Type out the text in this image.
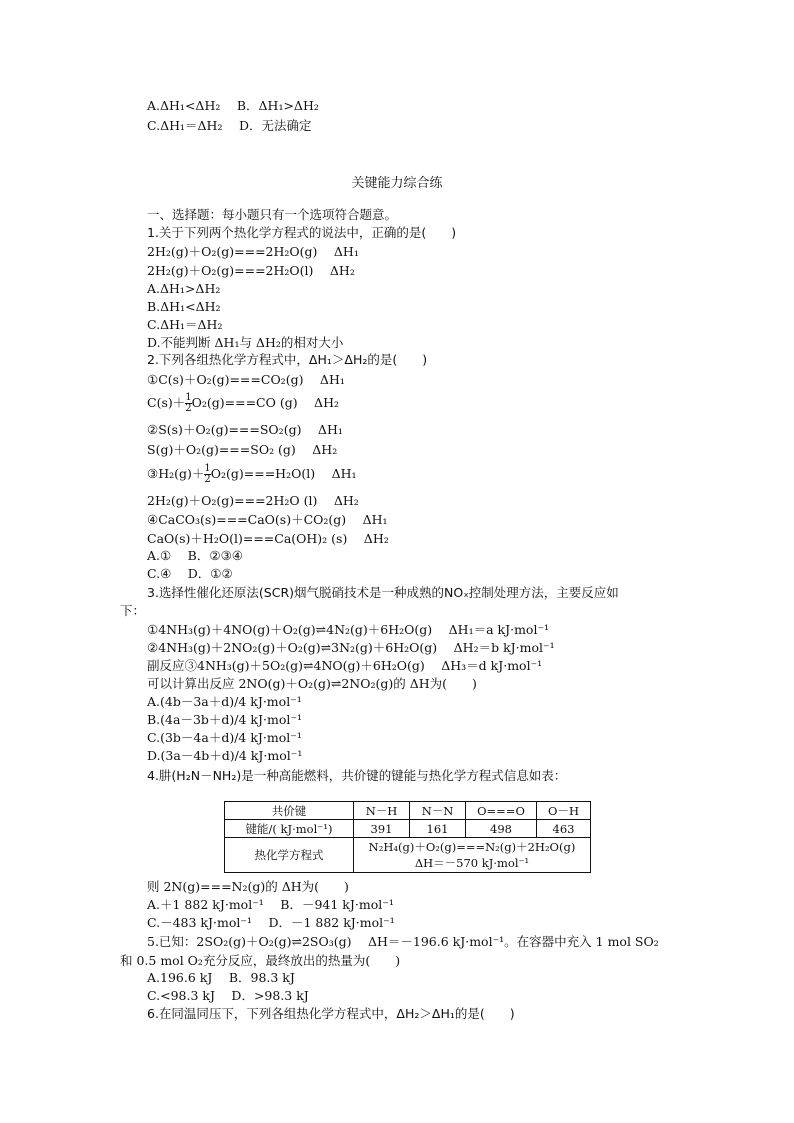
A.ΔH₁<ΔH₂　 B．ΔH₁>ΔH₂
C.ΔH₁＝ΔH₂　 D．无法确定
关键能力综合练
一、选择题：每小题只有一个选项符合题意。
1.关于下列两个热化学方程式的说法中，正确的是(　　)
2H₂(g)＋O₂(g)===2H₂O(g)　 ΔH₁
2H₂(g)＋O₂(g)===2H₂O(l)　 ΔH₂
A.ΔH₁>ΔH₂
B.ΔH₁<ΔH₂
C.ΔH₁＝ΔH₂
D.不能判断 ΔH₁与 ΔH₂的相对大小
2.下列各组热化学方程式中，ΔH₁＞ΔH₂的是(　　)
①C(s)＋O₂(g)===CO₂(g)　 ΔH₁
$C(s)+ \frac{1}{2} O_2(g)===CO$ (g)　 ΔH₂
②S(s)＋O₂(g)===SO₂(g)　 ΔH₁
S(g)＋O₂(g)===SO₂ (g)　 ΔH₂
③H₂(g)＋ $\frac{1}{2} O_2(g)===H_2O(l)$　 ΔH₁
2H₂(g)＋O₂(g)===2H₂O (l)　 ΔH₂
④CaCO₃(s)===CaO(s)＋CO₂(g)　 ΔH₁
CaO(s)＋H₂O(l)===Ca(OH)₂ (s)　 ΔH₂
A.①　 B．②③④
C.④　 D．①②
3.选择性催化还原法(SCR)烟气脱硝技术是一种成熟的NOₓ控制处理方法，主要反应如
下：
①4NH₃(g)＋4NO(g)＋O₂(g)⇌4N₂(g)＋6H₂O(g)　 ΔH₁＝a kJ·mol⁻¹
②4NH₃(g)＋2NO₂(g)＋O₂(g)⇌3N₂(g)＋6H₂O(g)　 ΔH₂＝b kJ·mol⁻¹
副反应③4NH₃(g)＋5O₂(g)⇌4NO(g)＋6H₂O(g)　 ΔH₃＝d kJ·mol⁻¹
可以计算出反应 2NO(g)＋O₂(g)⇌2NO₂(g)的 ΔH为(　　)
A.(4b－3a＋d)/4 kJ·mol⁻¹
B.(4a－3b＋d)/4 kJ·mol⁻¹
C.(3b－4a＋d)/4 kJ·mol⁻¹
D.(3a－4b＋d)/4 kJ·mol⁻¹
4.肼(H₂N－NH₂)是一种高能燃料，共价键的键能与热化学方程式信息如表：
共价键	N－H	N－N	O===O	O－H
键能/( kJ·mol⁻¹)	391	161	498	463
热化学方程式	N₂H₄(g)＋O₂(g)===N₂(g)＋2H₂O(g)
ΔH＝－570 kJ·mol⁻¹			
则 2N(g)===N₂(g)的 ΔH为(　　)
A.＋1 882 kJ·mol⁻¹　 B．－941 kJ·mol⁻¹
C.－483 kJ·mol⁻¹　 D．－1 882 kJ·mol⁻¹
5.已知：2SO₂(g)＋O₂(g)⇌2SO₃(g)　 ΔH＝－196.6 kJ·mol⁻¹。在容器中充入 1 mol SO₂
和 0.5 mol O₂充分反应，最终放出的热量为(　　)
A.196.6 kJ　 B．98.3 kJ
C.<98.3 kJ　 D．>98.3 kJ
6.在同温同压下，下列各组热化学方程式中，ΔH₂＞ΔH₁的是(　　)
